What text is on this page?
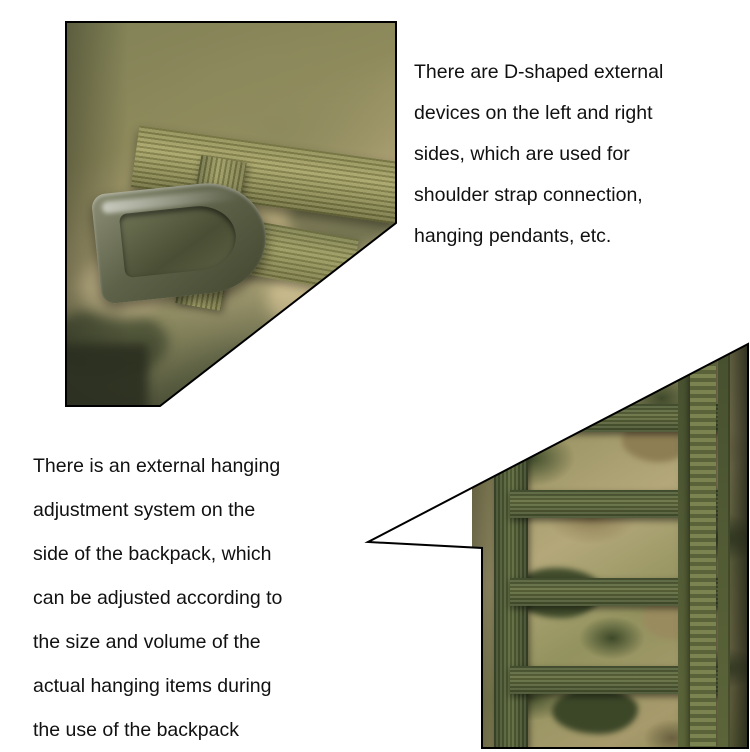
There are D-shaped external
devices on the left and right
sides, which are used for
shoulder strap connection,
hanging pendants, etc.
There is an external hanging
adjustment system on the
side of the backpack, which
can be adjusted according to
the size and volume of the
actual hanging items during
the use of the backpack
